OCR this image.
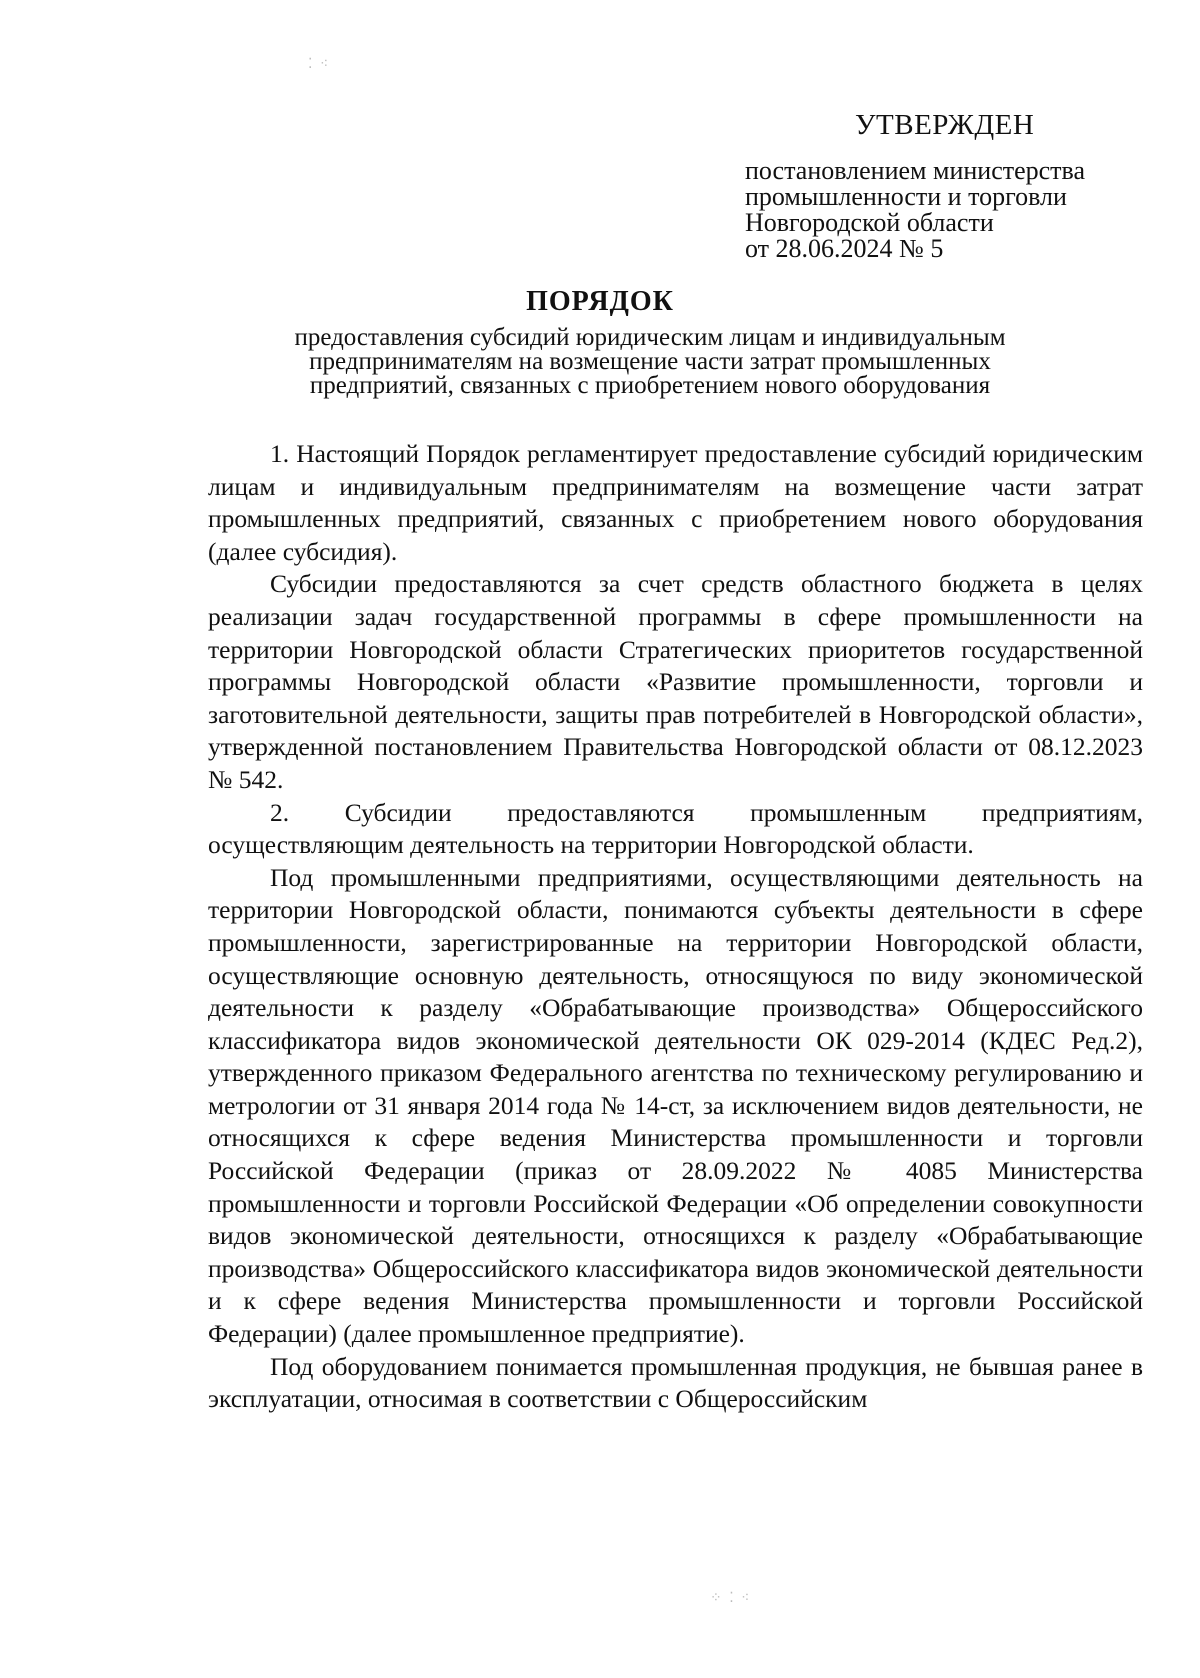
⁚ ⁖
⁘ ⁚ ⁖
УТВЕРЖДЕН
постановлением министерства
промышленности и торговли
Новгородской области
от 28.06.2024 № 5
ПОРЯДОК
предоставления субсидий юридическим лицам и индивидуальным
предпринимателям на возмещение части затрат промышленных
предприятий, связанных с приобретением нового оборудования

1. Настоящий Порядок регламентирует предоставление субсидий юридическим лицам и индивидуальным предпринимателям на возмещение части затрат промышленных предприятий, связанных с приобретением нового оборудования (далее субсидия).

Субсидии предоставляются за счет средств областного бюджета в целях реализации задач государственной программы в сфере промышленности на территории Новгородской области Стратегических приоритетов государственной программы Новгородской области «Развитие промышленности, торговли и заготовительной деятельности, защиты прав потребителей в Новгородской области», утвержденной постановлением Правительства Новгородской области от 08.12.2023 № 542.

2. Субсидии предоставляются промышленным предприятиям, осуществляющим деятельность на территории Новгородской области.

Под промышленными предприятиями, осуществляющими деятельность на территории Новгородской области, понимаются субъекты деятельности в сфере промышленности, зарегистрированные на территории Новгородской области, осуществляющие основную деятельность, относящуюся по виду экономической деятельности к разделу «Обрабатывающие производства» Общероссийского классификатора видов экономической деятельности ОК 029-2014 (КДЕС Ред.2), утвержденного приказом Федерального агентства по техническому регулированию и метрологии от 31 января 2014 года № 14-ст, за исключением видов деятельности, не относящихся к сфере ведения Министерства промышленности и торговли Российской Федерации (приказ от 28.09.2022 № 4085 Министерства промышленности и торговли Российской Федерации «Об определении совокупности видов экономической деятельности, относящихся к разделу «Обрабатывающие производства» Общероссийского классификатора видов экономической деятельности и к сфере ведения Министерства промышленности и торговли Российской Федерации) (далее промышленное предприятие).

Под оборудованием понимается промышленная продукция, не бывшая ранее в эксплуатации, относимая в соответствии с Общероссийским
